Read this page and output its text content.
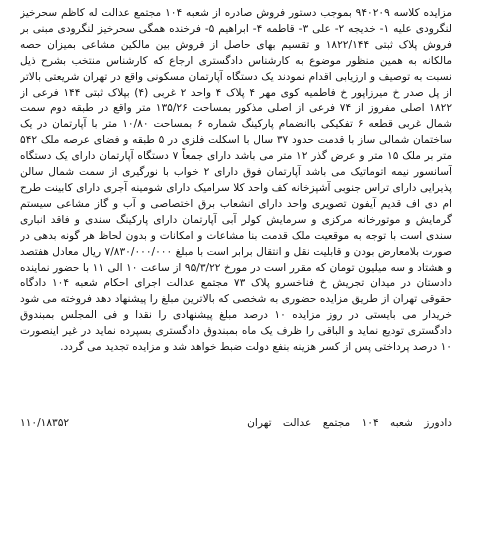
مزایده کلاسه ۹۴۰۲۰۹ بموجب دستور فروش صادره از شعبه ۱۰۴ مجتمع عدالت له کاظم سحرخیز لنگرودی علیه ۱- خدیجه ۲- علی ۳- قاطمه ۴- ابراهیم ۵- فرخنده همگی سحرخیز لنگرودی مبنی بر فروش پلاک ثبتی ۱۸۲۲/۱۴۴ و تقسیم بهای حاصل از فروش بین مالکین مشاعی بمیزان حصه مالکانه به همین منظور موضوع به کارشناس دادگستری ارجاع که کارشناس منتخب بشرح ذیل نسبت به توصیف و ارزیابی اقدام نمودند یک دستگاه آپارتمان مسکونی واقع در تهران شریعتی بالاتر از پل صدر خ میرزاپور خ فاطمیه کوی مهر ۴ پلاک ۴ واحد ۲ غربی (۴) بپلاک ثبتی ۱۴۴ فرعی از ۱۸۲۲ اصلی مفروز از ۷۴ فرعی از اصلی مذکور بمساحت ۱۳۵/۲۶ متر واقع در طبقه دوم سمت شمال غربی قطعه ۶ تفکیکی باانضمام پارکینگ شماره ۶ بمساحت ۱۰/۸۰ متر با آپارتمان در یک ساختمان شمالی ساز با قدمت حدود ۳۷ سال با اسکلت فلزی در ۵ طبقه و فضای عرصه ملک ۵۴۲ متر بر ملک ۱۵ متر و عرض گذر ۱۲ متر می باشد دارای جمعاً ۷ دستگاه آپارتمان دارای یک دستگاه آسانسور نیمه اتوماتیک می باشد آپارتمان فوق دارای ۲ خواب با نورگیری از سمت شمال سالن پذیرایی دارای تراس جنوبی آشپزخانه کف واحد کلا سرامیک دارای شومینه آجری دارای کابینت طرح ام دی اف قدیم آیفون تصویری واحد دارای انشعاب برق اختصاصی و آب و گاز مشاعی سیستم گرمایش و موتورخانه مرکزی و سرمایش کولر آبی آپارتمان دارای پارکینگ سندی و فاقد انباری سندی است با توجه به موقعیت ملک قدمت بنا مشاعات و امکانات و بدون لحاظ هر گونه بدهی در صورت بلامعارض بودن و قابلیت نقل و انتقال برابر است با مبلغ ۷/۸۳۰/۰۰۰/۰۰۰ ریال معادل هفتصد و هشتاد و سه میلیون تومان که مقرر است در مورخ ۹۵/۳/۲۲ از ساعت ۱۰ الی ۱۱ با حضور نماینده دادستان در میدان تجریش خ فناخسرو پلاک ۷۳ مجتمع عدالت اجرای احکام شعبه ۱۰۴ دادگاه حقوقی تهران از طریق مزایده حضوری به شخصی که بالاترین مبلغ را پیشنهاد دهد فروخته می شود خریدار می بایستی در روز مزایده ۱۰ درصد مبلغ پیشنهادی را نقدا و فی المجلس بمبندوق دادگستری تودیع نماید و الباقی را ظرف یک ماه بمبندوق دادگستری بسپرده نماید در غیر اینصورت ۱۰ درصد پرداختی پس از کسر هزینه بنفع دولت ضبط خواهد شد و مزایده تجدید می گردد.

دادورز شعبه ۱۰۴ مجتمع عدالت تهران
۱۱۰/۱۸۳۵۲
